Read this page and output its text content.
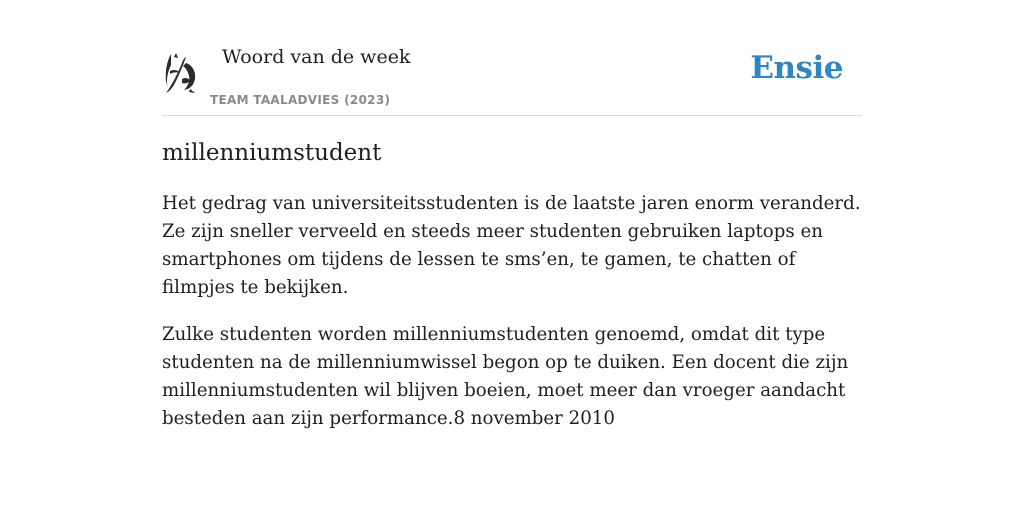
Woord van de week
TEAM TAALADVIES (2023)
Ensie
millenniumstudent

Het gedrag van universiteitsstudenten is de laatste jaren enorm veranderd. Ze zijn sneller verveeld en steeds meer studenten gebruiken laptops en smartphones om tijdens de lessen te sms’en, te gamen, te chatten of filmpjes te bekijken.

Zulke studenten worden millenniumstudenten genoemd, omdat dit type studenten na de millenniumwissel begon op te duiken. Een docent die zijn millenniumstudenten wil blijven boeien, moet meer dan vroeger aandacht besteden aan zijn performance.8 november 2010
